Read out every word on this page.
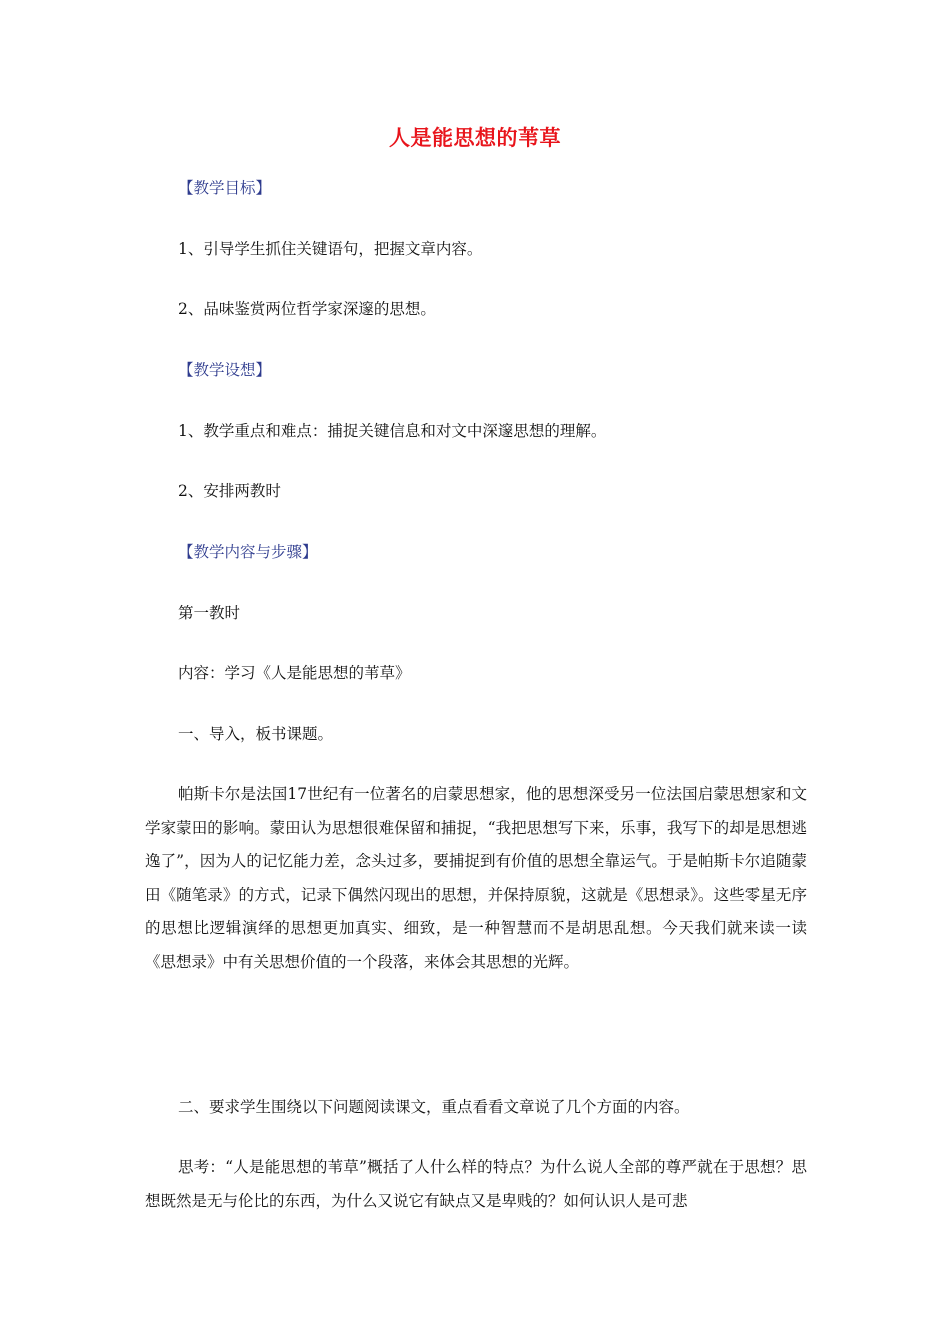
人是能思想的苇草
【教学目标】
1、引导学生抓住关键语句，把握文章内容。
2、品味鉴赏两位哲学家深邃的思想。
【教学设想】
1、教学重点和难点：捕捉关键信息和对文中深邃思想的理解。
2、安排两教时
【教学内容与步骤】
第一教时
内容：学习《人是能思想的苇草》
一、导入，板书课题。

帕斯卡尔是法国17世纪有一位著名的启蒙思想家，他的思想深受另一位法国启蒙思想家和文学家蒙田的影响。蒙田认为思想很难保留和捕捉，“我把思想写下来，乐事，我写下的却是思想逃逸了”，因为人的记忆能力差，念头过多，要捕捉到有价值的思想全靠运气。于是帕斯卡尔追随蒙田《随笔录》的方式，记录下偶然闪现出的思想，并保持原貌，这就是《思想录》。这些零星无序的思想比逻辑演绎的思想更加真实、细致，是一种智慧而不是胡思乱想。今天我们就来读一读《思想录》中有关思想价值的一个段落，来体会其思想的光辉。

二、要求学生围绕以下问题阅读课文，重点看看文章说了几个方面的内容。

思考：“人是能思想的苇草”概括了人什么样的特点？为什么说人全部的尊严就在于思想？思想既然是无与伦比的东西，为什么又说它有缺点又是卑贱的？如何认识人是可悲
